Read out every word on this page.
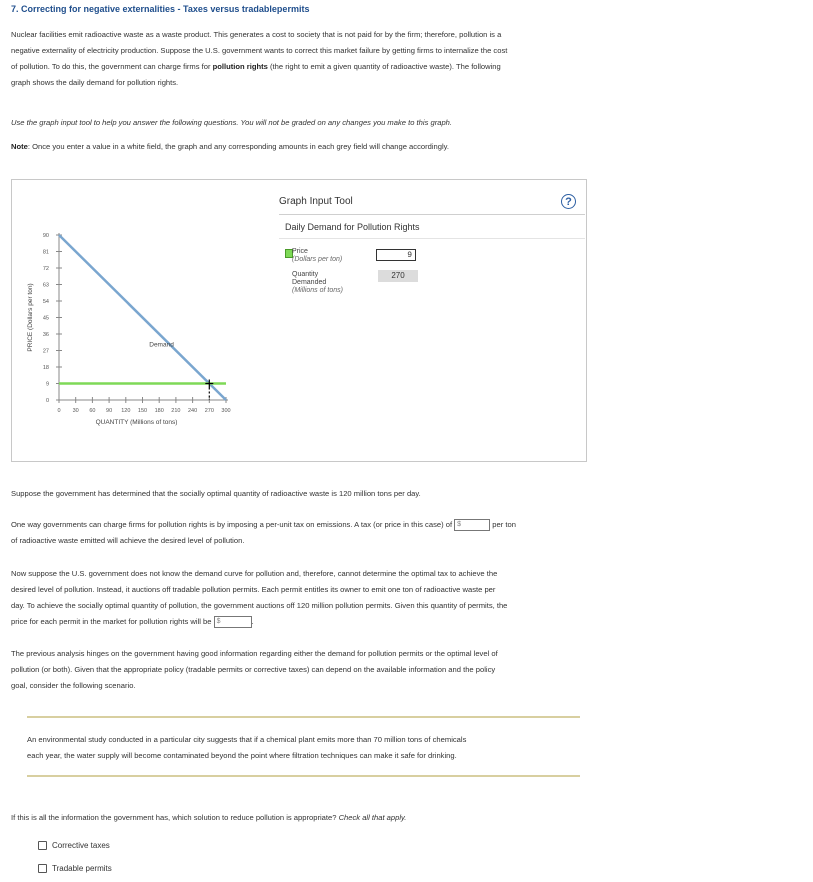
7. Correcting for negative externalities - Taxes versus tradablepermits
Nuclear facilities emit radioactive waste as a waste product. This generates a cost to society that is not paid for by the firm; therefore, pollution is a
negative externality of electricity production. Suppose the U.S. government wants to correct this market failure by getting firms to internalize the cost
of pollution. To do this, the government can charge firms for pollution rights (the right to emit a given quantity of radioactive waste). The following
graph shows the daily demand for pollution rights.
Use the graph input tool to help you answer the following questions. You will not be graded on any changes you make to this graph.
Note: Once you enter a value in a white field, the graph and any corresponding amounts in each grey field will change accordingly.
0
9
18
27
36
45
54
63
72
81
90
0 30 60 90 120 150 180 210 240 270 300
QUANTITY (Millions of tons)
PRICE (Dollars per ton)	Demand
Graph Input Tool	?
Daily Demand for Pollution Rights
Price
(Dollars per ton)	9
Quantity
Demanded
(Millions of tons)
270
Suppose the government has determined that the socially optimal quantity of radioactive waste is 120 million tons per day.
One way governments can charge firms for pollution rights is by imposing a per-unit tax on emissions. A tax (or price in this case) of $	per ton
of radioactive waste emitted will achieve the desired level of pollution.
Now suppose the U.S. government does not know the demand curve for pollution and, therefore, cannot determine the optimal tax to achieve the
desired level of pollution. Instead, it auctions off tradable pollution permits. Each permit entitles its owner to emit one ton of radioactive waste per
day. To achieve the socially optimal quantity of pollution, the government auctions off 120 million pollution permits. Given this quantity of permits, the
price for each permit in the market for pollution rights will be $	.
The previous analysis hinges on the government having good information regarding either the demand for pollution permits or the optimal level of
pollution (or both). Given that the appropriate policy (tradable permits or corrective taxes) can depend on the available information and the policy
goal, consider the following scenario.
An environmental study conducted in a particular city suggests that if a chemical plant emits more than 70 million tons of chemicals
each year, the water supply will become contaminated beyond the point where filtration techniques can make it safe for drinking.
If this is all the information the government has, which solution to reduce pollution is appropriate? Check all that apply.
Corrective taxes
Tradable permits
